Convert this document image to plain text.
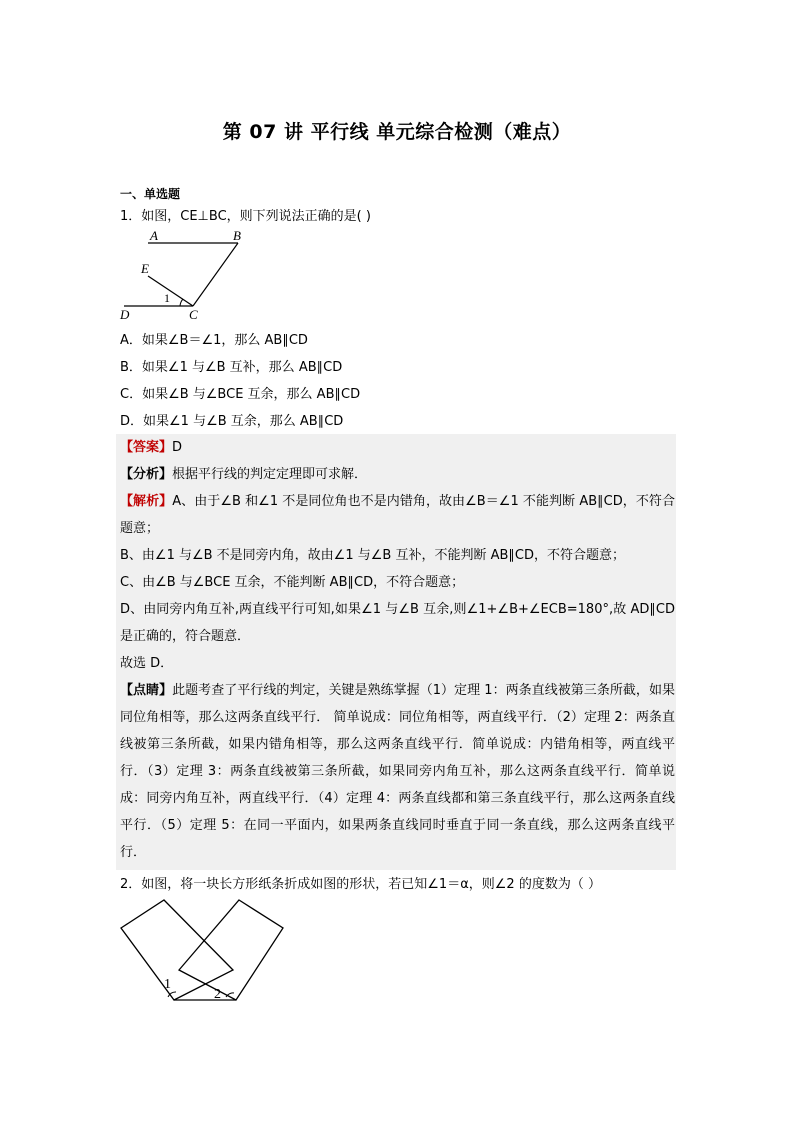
第 07 讲 平行线 单元综合检测（难点）
一、单选题
1．如图，CE⊥BC，则下列说法正确的是( )
A	B
E
1
D	C
A．如果∠B＝∠1，那么 AB∥CD
B．如果∠1 与∠B 互补，那么 AB∥CD
C．如果∠B 与∠BCE 互余，那么 AB∥CD
D．如果∠1 与∠B 互余，那么 AB∥CD
【答案】D
【分析】根据平行线的判定定理即可求解．
【解析】A、由于∠B 和∠1 不是同位角也不是内错角，故由∠B＝∠1 不能判断 AB∥CD，不符合题意；
B、由∠1 与∠B 不是同旁内角，故由∠1 与∠B 互补，不能判断 AB∥CD，不符合题意；
C、由∠B 与∠BCE 互余，不能判断 AB∥CD，不符合题意；
D、由同旁内角互补,两直线平行可知,如果∠1 与∠B 互余,则∠1+∠B+∠ECB=180°,故 AD∥CD 是正确的，符合题意．
故选 D．
【点睛】此题考查了平行线的判定，关键是熟练掌握（1）定理 1：两条直线被第三条所截，如果同位角相等，那么这两条直线平行． 简单说成：同位角相等，两直线平行．（2）定理 2：两条直线被第三条所截，如果内错角相等，那么这两条直线平行．简单说成：内错角相等，两直线平行．（3）定理 3：两条直线被第三条所截，如果同旁内角互补，那么这两条直线平行．简单说成：同旁内角互补，两直线平行．（4）定理 4：两条直线都和第三条直线平行，那么这两条直线平行．（5）定理 5：在同一平面内，如果两条直线同时垂直于同一条直线，那么这两条直线平行．
2．如图，将一块长方形纸条折成如图的形状，若已知∠1＝α，则∠2 的度数为（ ）
1
2
